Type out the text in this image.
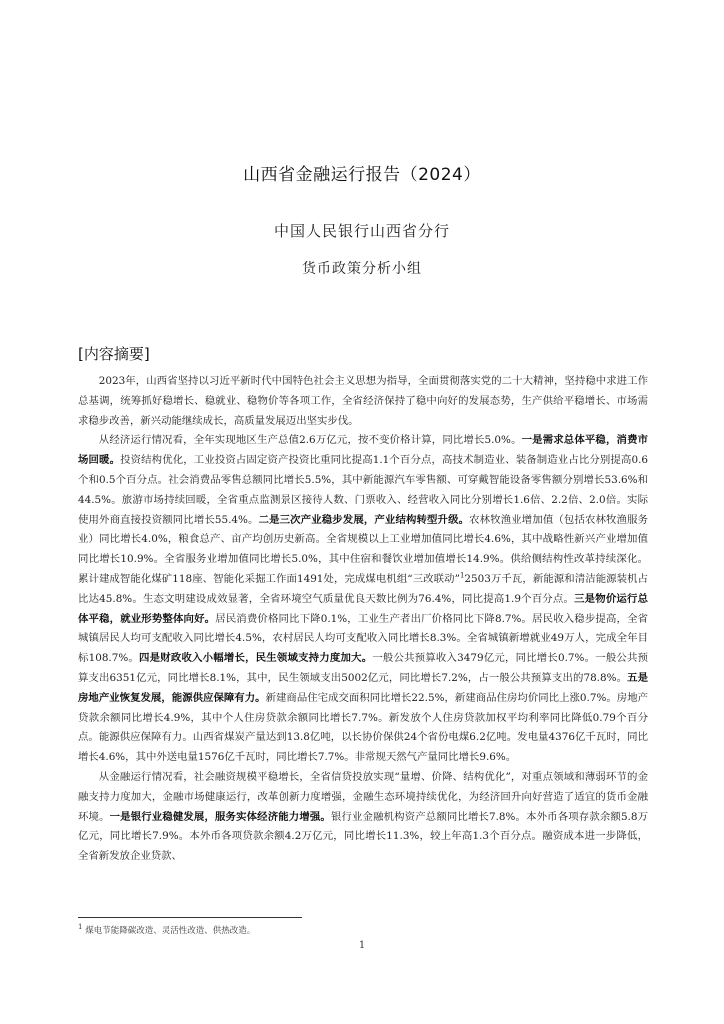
山西省金融运行报告（2024）
中国人民银行山西省分行
货币政策分析小组
[内容摘要]

2023年，山西省坚持以习近平新时代中国特色社会主义思想为指导，全面贯彻落实党的二十大精神，坚持稳中求进工作总基调，统筹抓好稳增长、稳就业、稳物价等各项工作，全省经济保持了稳中向好的发展态势，生产供给平稳增长、市场需求稳步改善，新兴动能继续成长，高质量发展迈出坚实步伐。

从经济运行情况看，全年实现地区生产总值2.6万亿元，按不变价格计算，同比增长5.0%。一是需求总体平稳，消费市场回暖。投资结构优化，工业投资占固定资产投资比重同比提高1.1个百分点，高技术制造业、装备制造业占比分别提高0.6个和0.5个百分点。社会消费品零售总额同比增长5.5%，其中新能源汽车零售额、可穿戴智能设备零售额分别增长53.6%和44.5%。旅游市场持续回暖，全省重点监测景区接待人数、门票收入、经营收入同比分别增长1.6倍、2.2倍、2.0倍。实际使用外商直接投资额同比增长55.4%。二是三次产业稳步发展，产业结构转型升级。农林牧渔业增加值（包括农林牧渔服务业）同比增长4.0%，粮食总产、亩产均创历史新高。全省规模以上工业增加值同比增长4.6%，其中战略性新兴产业增加值同比增长10.9%。全省服务业增加值同比增长5.0%，其中住宿和餐饮业增加值增长14.9%。供给侧结构性改革持续深化。累计建成智能化煤矿118座、智能化采掘工作面1491处，完成煤电机组“三改联动”$^1$2503万千瓦，新能源和清洁能源装机占比达45.8%。生态文明建设成效显著，全省环境空气质量优良天数比例为76.4%，同比提高1.9个百分点。三是物价运行总体平稳，就业形势整体向好。居民消费价格同比下降0.1%，工业生产者出厂价格同比下降8.7%。居民收入稳步提高，全省城镇居民人均可支配收入同比增长4.5%，农村居民人均可支配收入同比增长8.3%。全省城镇新增就业49万人，完成全年目标108.7%。四是财政收入小幅增长，民生领域支持力度加大。一般公共预算收入3479亿元，同比增长0.7%。一般公共预算支出6351亿元，同比增长8.1%，其中，民生领域支出5002亿元，同比增长7.2%，占一般公共预算支出的78.8%。五是房地产业恢复发展，能源供应保障有力。新建商品住宅成交面积同比增长22.5%，新建商品住房均价同比上涨0.7%。房地产贷款余额同比增长4.9%，其中个人住房贷款余额同比增长7.7%。新发放个人住房贷款加权平均利率同比降低0.79个百分点。能源供应保障有力。山西省煤炭产量达到13.8亿吨，以长协价保供24个省份电煤6.2亿吨。发电量4376亿千瓦时，同比增长4.6%，其中外送电量1576亿千瓦时，同比增长7.7%。非常规天然气产量同比增长9.6%。

从金融运行情况看，社会融资规模平稳增长，全省信贷投放实现“量增、价降、结构优化”，对重点领域和薄弱环节的金融支持力度加大，金融市场健康运行，改革创新力度增强，金融生态环境持续优化，为经济回升向好营造了适宜的货币金融环境。一是银行业稳健发展，服务实体经济能力增强。银行业金融机构资产总额同比增长7.8%。本外币各项存款余额5.8万亿元，同比增长7.9%。本外币各项贷款余额4.2万亿元，同比增长11.3%，较上年高1.3个百分点。融资成本进一步降低，全省新发放企业贷款、

$^1$ 煤电节能降碳改造、灵活性改造、供热改造。
1
